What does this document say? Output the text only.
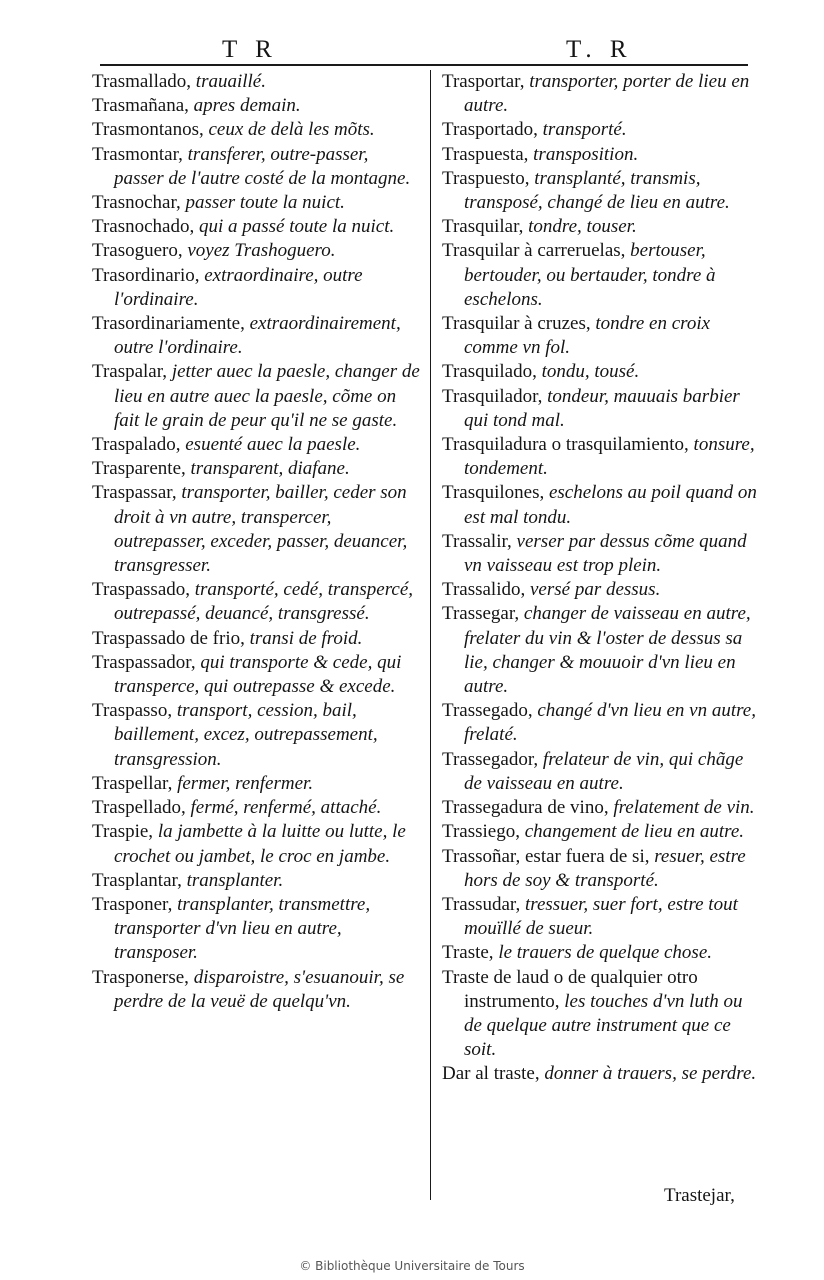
T R	T. R

Trasmallado, trauaillé.

Trasmañana, apres demain.

Trasmontanos, ceux de delà les mõts.

Trasmontar, transferer, outre-passer, passer de l'autre costé de la montagne.

Trasnochar, passer toute la nuict.

Trasnochado, qui a passé toute la nuict.

Trasoguero, voyez Trashoguero.

Trasordinario, extraordinaire, outre l'ordinaire.

Trasordinariamente, extraordinairement, outre l'ordinaire.

Traspalar, jetter auec la paesle, changer de lieu en autre auec la paesle, cõme on fait le grain de peur qu'il ne se gaste.

Traspalado, esuenté auec la paesle.

Trasparente, transparent, diafane.

Traspassar, transporter, bailler, ceder son droit à vn autre, transpercer, outrepasser, exceder, passer, deuancer, transgresser.

Traspassado, transporté, cedé, transpercé, outrepassé, deuancé, transgressé.

Traspassado de frio, transi de froid.

Traspassador, qui transporte & cede, qui transperce, qui outrepasse & excede.

Traspasso, transport, cession, bail, baillement, excez, outrepassement, transgression.

Traspellar, fermer, renfermer.

Traspellado, fermé, renfermé, attaché.

Traspie, la jambette à la luitte ou lutte, le crochet ou jambet, le croc en jambe.

Trasplantar, transplanter.

Trasponer, transplanter, transmettre, transporter d'vn lieu en autre, transposer.

Trasponerse, disparoistre, s'esuanouir, se perdre de la veuë de quelqu'vn.

Trasportar, transporter, porter de lieu en autre.

Trasportado, transporté.

Traspuesta, transposition.

Traspuesto, transplanté, transmis, transposé, changé de lieu en autre.

Trasquilar, tondre, touser.

Trasquilar à carreruelas, bertouser, bertouder, ou bertauder, tondre à eschelons.

Trasquilar à cruzes, tondre en croix comme vn fol.

Trasquilado, tondu, tousé.

Trasquilador, tondeur, mauuais barbier qui tond mal.

Trasquiladura o trasquilamiento, tonsure, tondement.

Trasquilones, eschelons au poil quand on est mal tondu.

Trassalir, verser par dessus cõme quand vn vaisseau est trop plein.

Trassalido, versé par dessus.

Trassegar, changer de vaisseau en autre, frelater du vin & l'oster de dessus sa lie, changer & mouuoir d'vn lieu en autre.

Trassegado, changé d'vn lieu en vn autre, frelaté.

Trassegador, frelateur de vin, qui chãge de vaisseau en autre.

Trassegadura de vino, frelatement de vin.

Trassiego, changement de lieu en autre.

Trassoñar, estar fuera de si, resuer, estre hors de soy & transporté.

Trassudar, tressuer, suer fort, estre tout mouïllé de sueur.

Traste, le trauers de quelque chose.

Traste de laud o de qualquier otro instrumento, les touches d'vn luth ou de quelque autre instrument que ce soit.

Dar al traste, donner à trauers, se perdre.

Trastejar,
© Bibliothèque Universitaire de Tours
